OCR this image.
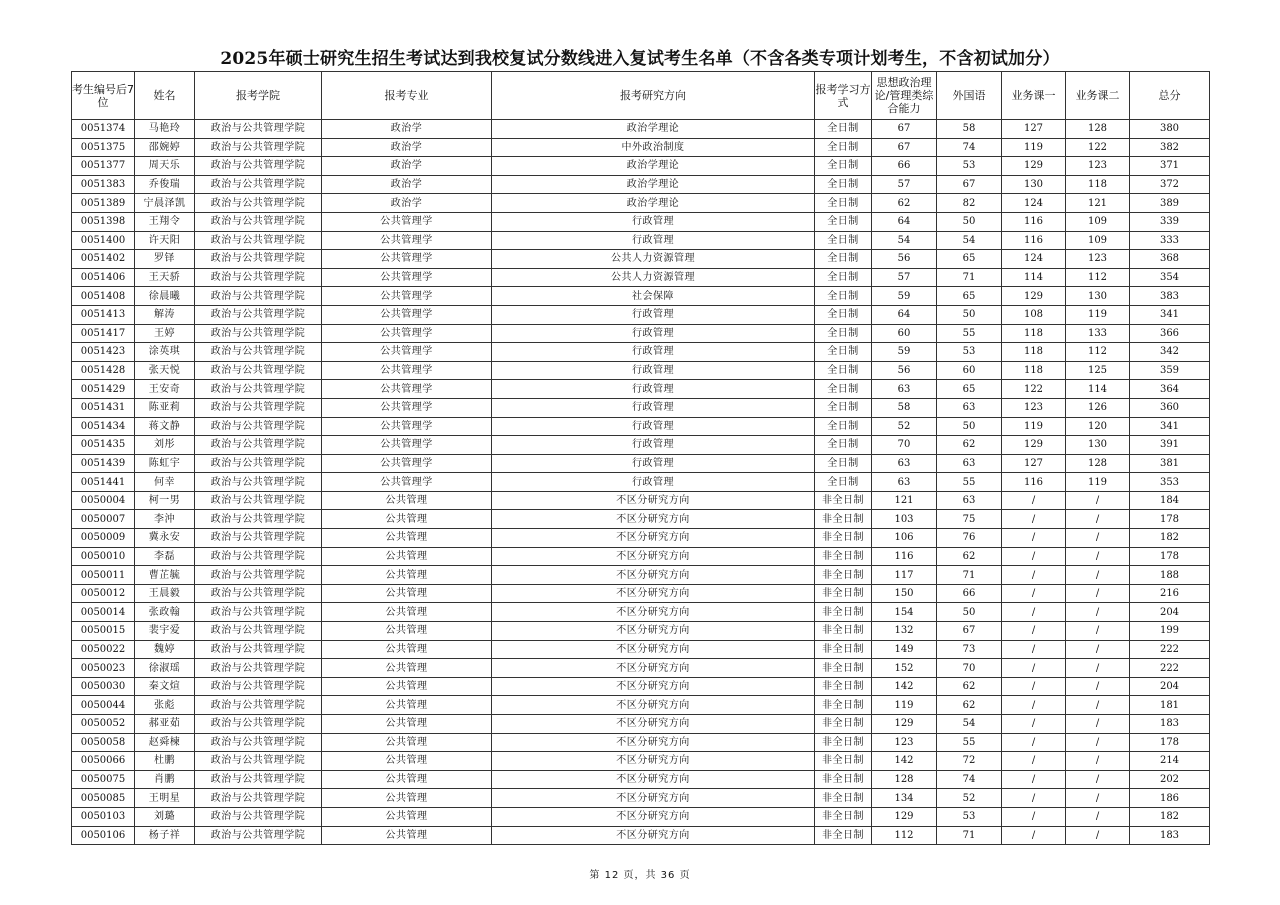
2025年硕士研究生招生考试达到我校复试分数线进入复试考生名单（不含各类专项计划考生，不含初试加分）
考生编号后7位	姓名	报考学院	报考专业	报考研究方向	报考学习方式	思想政治理论/管理类综合能力	外国语	业务课一	业务课二	总分
0051374	马艳玲	政治与公共管理学院	政治学	政治学理论	全日制	67	58	127	128	380
0051375	邵婉婷	政治与公共管理学院	政治学	中外政治制度	全日制	67	74	119	122	382
0051377	周天乐	政治与公共管理学院	政治学	政治学理论	全日制	66	53	129	123	371
0051383	乔俊瑞	政治与公共管理学院	政治学	政治学理论	全日制	57	67	130	118	372
0051389	宁晨泽凯	政治与公共管理学院	政治学	政治学理论	全日制	62	82	124	121	389
0051398	王翔令	政治与公共管理学院	公共管理学	行政管理	全日制	64	50	116	109	339
0051400	许天阳	政治与公共管理学院	公共管理学	行政管理	全日制	54	54	116	109	333
0051402	罗铎	政治与公共管理学院	公共管理学	公共人力资源管理	全日制	56	65	124	123	368
0051406	王天骄	政治与公共管理学院	公共管理学	公共人力资源管理	全日制	57	71	114	112	354
0051408	徐晨曦	政治与公共管理学院	公共管理学	社会保障	全日制	59	65	129	130	383
0051413	解涛	政治与公共管理学院	公共管理学	行政管理	全日制	64	50	108	119	341
0051417	王婷	政治与公共管理学院	公共管理学	行政管理	全日制	60	55	118	133	366
0051423	涂英琪	政治与公共管理学院	公共管理学	行政管理	全日制	59	53	118	112	342
0051428	张天悦	政治与公共管理学院	公共管理学	行政管理	全日制	56	60	118	125	359
0051429	王安奇	政治与公共管理学院	公共管理学	行政管理	全日制	63	65	122	114	364
0051431	陈亚莉	政治与公共管理学院	公共管理学	行政管理	全日制	58	63	123	126	360
0051434	蒋文静	政治与公共管理学院	公共管理学	行政管理	全日制	52	50	119	120	341
0051435	刘彤	政治与公共管理学院	公共管理学	行政管理	全日制	70	62	129	130	391
0051439	陈虹宇	政治与公共管理学院	公共管理学	行政管理	全日制	63	63	127	128	381
0051441	何幸	政治与公共管理学院	公共管理学	行政管理	全日制	63	55	116	119	353
0050004	柯一男	政治与公共管理学院	公共管理	不区分研究方向	非全日制	121	63	/	/	184
0050007	李沖	政治与公共管理学院	公共管理	不区分研究方向	非全日制	103	75	/	/	178
0050009	冀永安	政治与公共管理学院	公共管理	不区分研究方向	非全日制	106	76	/	/	182
0050010	李磊	政治与公共管理学院	公共管理	不区分研究方向	非全日制	116	62	/	/	178
0050011	曹芷毓	政治与公共管理学院	公共管理	不区分研究方向	非全日制	117	71	/	/	188
0050012	王晨毅	政治与公共管理学院	公共管理	不区分研究方向	非全日制	150	66	/	/	216
0050014	张政翰	政治与公共管理学院	公共管理	不区分研究方向	非全日制	154	50	/	/	204
0050015	裴宇爱	政治与公共管理学院	公共管理	不区分研究方向	非全日制	132	67	/	/	199
0050022	魏婷	政治与公共管理学院	公共管理	不区分研究方向	非全日制	149	73	/	/	222
0050023	徐淑瑶	政治与公共管理学院	公共管理	不区分研究方向	非全日制	152	70	/	/	222
0050030	秦文煊	政治与公共管理学院	公共管理	不区分研究方向	非全日制	142	62	/	/	204
0050044	张彪	政治与公共管理学院	公共管理	不区分研究方向	非全日制	119	62	/	/	181
0050052	郝亚茹	政治与公共管理学院	公共管理	不区分研究方向	非全日制	129	54	/	/	183
0050058	赵舜楝	政治与公共管理学院	公共管理	不区分研究方向	非全日制	123	55	/	/	178
0050066	杜鹏	政治与公共管理学院	公共管理	不区分研究方向	非全日制	142	72	/	/	214
0050075	肖鹏	政治与公共管理学院	公共管理	不区分研究方向	非全日制	128	74	/	/	202
0050085	王明星	政治与公共管理学院	公共管理	不区分研究方向	非全日制	134	52	/	/	186
0050103	刘璐	政治与公共管理学院	公共管理	不区分研究方向	非全日制	129	53	/	/	182
0050106	杨子祥	政治与公共管理学院	公共管理	不区分研究方向	非全日制	112	71	/	/	183
第 12 页，共 36 页
